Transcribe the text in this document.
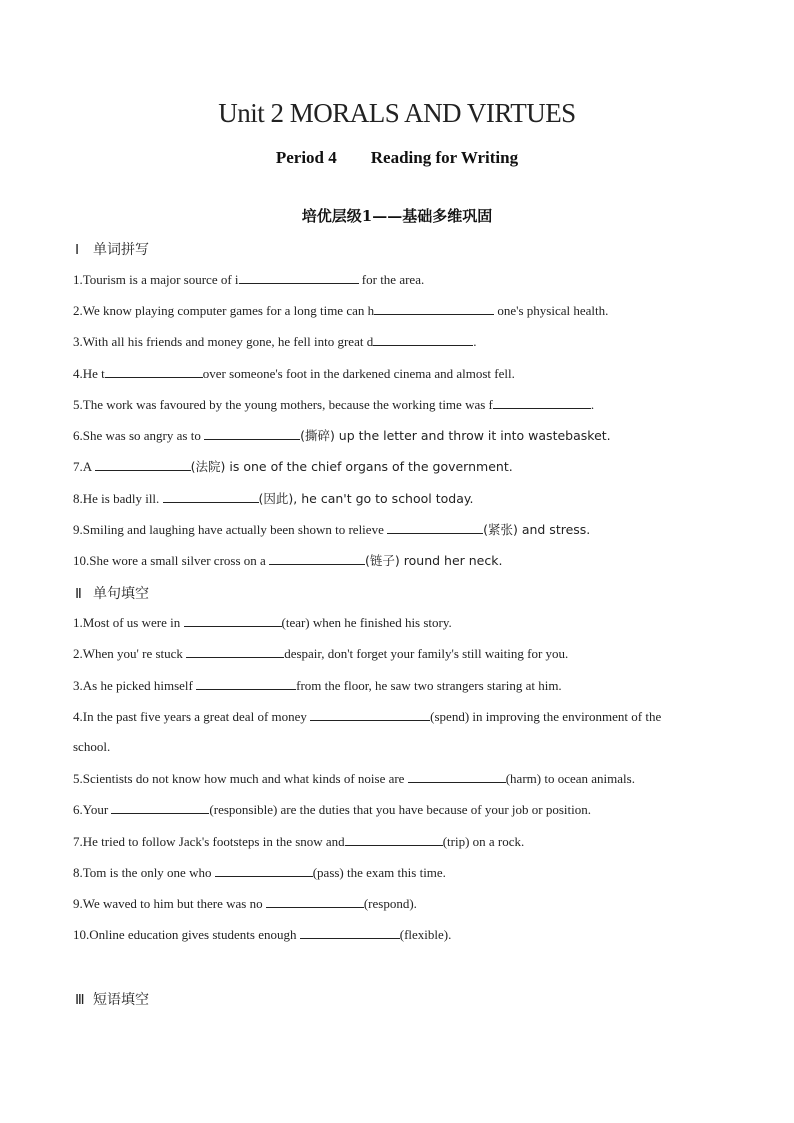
Unit 2 MORALS AND VIRTUES
Period 4 Reading for Writing
培优层级1——基础多维巩固
Ⅰ 单词拼写
1.Tourism is a major source of i	for the area.
2.We know playing computer games for a long time can h	one's physical health.
3.With all his friends and money gone, he fell into great d	.
4.He t	over someone's foot in the darkened cinema and almost fell.
5.The work was favoured by the young mothers, because the working time was f	.
6.She was so angry as to	(撕碎) up the letter and throw it into wastebasket.
7.A	(法院) is one of the chief organs of the government.
8.He is badly ill.	(因此), he can't go to school today.
9.Smiling and laughing have actually been shown to relieve	(紧张) and stress.
10.She wore a small silver cross on a	(链子) round her neck.
Ⅱ 单句填空
1.Most of us were in	(tear) when he finished his story.
2.When you' re stuck	despair, don't forget your family's still waiting for you.
3.As he picked himself	from the floor, he saw two strangers staring at him.
4.In the past five years a great deal of money	(spend) in improving the environment of the
school.
5.Scientists do not know how much and what kinds of noise are	(harm) to ocean animals.
6.Your	(responsible) are the duties that you have because of your job or position.
7.He tried to follow Jack's footsteps in the snow and	(trip) on a rock.
8.Tom is the only one who	(pass) the exam this time.
9.We waved to him but there was no	(respond).
10.Online education gives students enough	(flexible).
Ⅲ 短语填空
